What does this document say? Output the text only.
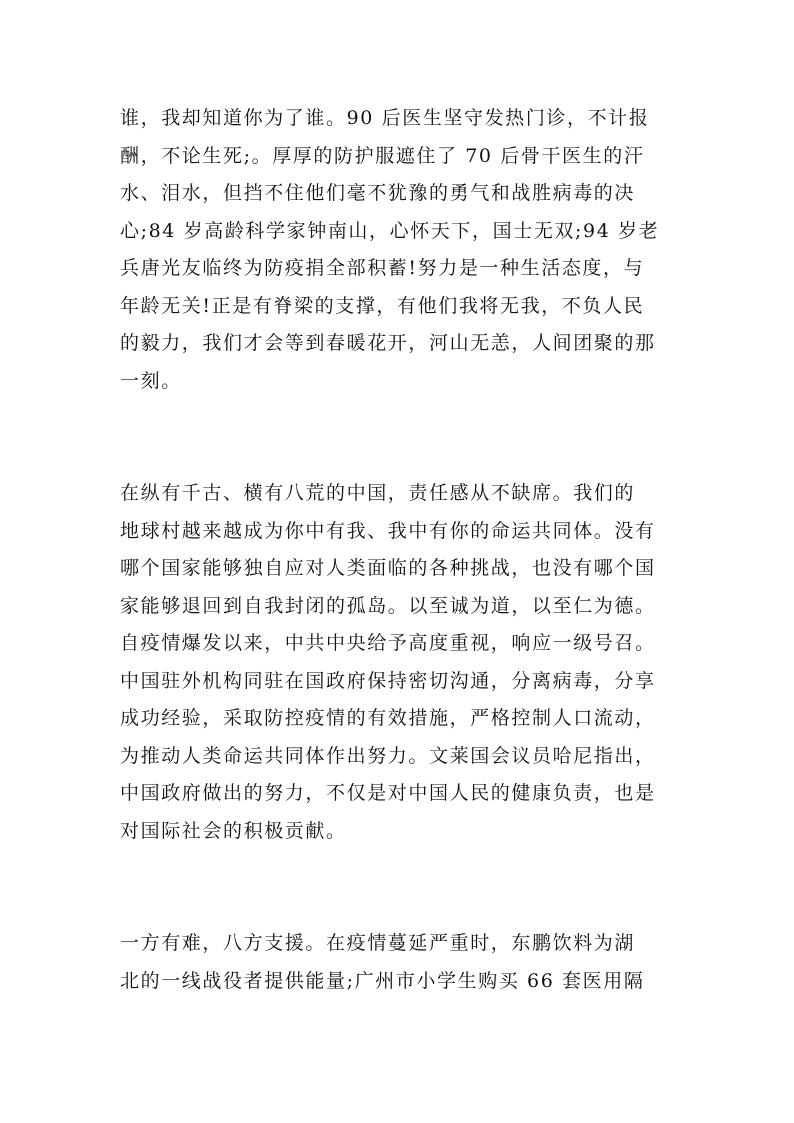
谁，我却知道你为了谁。90 后医生坚守发热门诊，不计报
酬，不论生死;。厚厚的防护服遮住了 70 后骨干医生的汗
水、泪水，但挡不住他们毫不犹豫的勇气和战胜病毒的决
心;84 岁高龄科学家钟南山，心怀天下，国士无双;94 岁老
兵唐光友临终为防疫捐全部积蓄!努力是一种生活态度，与
年龄无关!正是有脊梁的支撑，有他们我将无我，不负人民
的毅力，我们才会等到春暖花开，河山无恙，人间团聚的那
一刻。
在纵有千古、横有八荒的中国，责任感从不缺席。我们的
地球村越来越成为你中有我、我中有你的命运共同体。没有
哪个国家能够独自应对人类面临的各种挑战，也没有哪个国
家能够退回到自我封闭的孤岛。以至诚为道，以至仁为德。
自疫情爆发以来，中共中央给予高度重视，响应一级号召。
中国驻外机构同驻在国政府保持密切沟通，分离病毒，分享
成功经验，采取防控疫情的有效措施，严格控制人口流动，
为推动人类命运共同体作出努力。文莱国会议员哈尼指出，
中国政府做出的努力，不仅是对中国人民的健康负责，也是
对国际社会的积极贡献。
一方有难，八方支援。在疫情蔓延严重时，东鹏饮料为湖
北的一线战役者提供能量;广州市小学生购买 66 套医用隔
